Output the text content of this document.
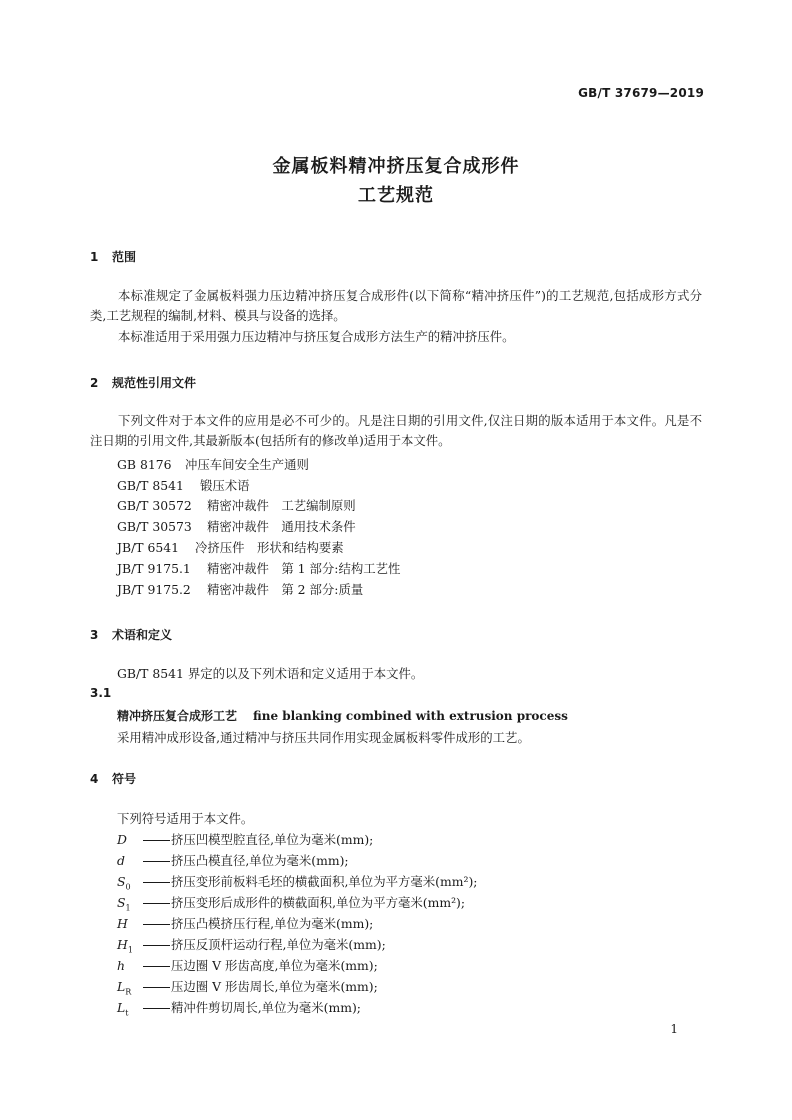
GB/T 37679—2019
金属板料精冲挤压复合成形件
工艺规范
1 范围
本标准规定了金属板料强力压边精冲挤压复合成形件(以下简称“精冲挤压件”)的工艺规范,包括成形方式分类,工艺规程的编制,材料、模具与设备的选择。
本标准适用于采用强力压边精冲与挤压复合成形方法生产的精冲挤压件。
2 规范性引用文件
下列文件对于本文件的应用是必不可少的。凡是注日期的引用文件,仅注日期的版本适用于本文件。凡是不注日期的引用文件,其最新版本(包括所有的修改单)适用于本文件。
GB 8176 冲压车间安全生产通则
GB/T 8541 锻压术语
GB/T 30572 精密冲裁件　工艺编制原则
GB/T 30573 精密冲裁件　通用技术条件
JB/T 6541 冷挤压件　形状和结构要素
JB/T 9175.1 精密冲裁件　第 1 部分:结构工艺性
JB/T 9175.2 精密冲裁件　第 2 部分:质量
3 术语和定义
GB/T 8541 界定的以及下列术语和定义适用于本文件。
3.1
精冲挤压复合成形工艺 fine blanking combined with extrusion process
采用精冲成形设备,通过精冲与挤压共同作用实现金属板料零件成形的工艺。
4 符号
下列符号适用于本文件。
D	挤压凹模型腔直径,单位为毫米(mm);
d	挤压凸模直径,单位为毫米(mm);
$S_0$	挤压变形前板料毛坯的横截面积,单位为平方毫米(mm²);
$S_1$	挤压变形后成形件的横截面积,单位为平方毫米(mm²);
H	挤压凸模挤压行程,单位为毫米(mm);
$H_1$	挤压反顶杆运动行程,单位为毫米(mm);
h	压边圈 V 形齿高度,单位为毫米(mm);
$L_R$	压边圈 V 形齿周长,单位为毫米(mm);
$L_t$	精冲件剪切周长,单位为毫米(mm);
1
